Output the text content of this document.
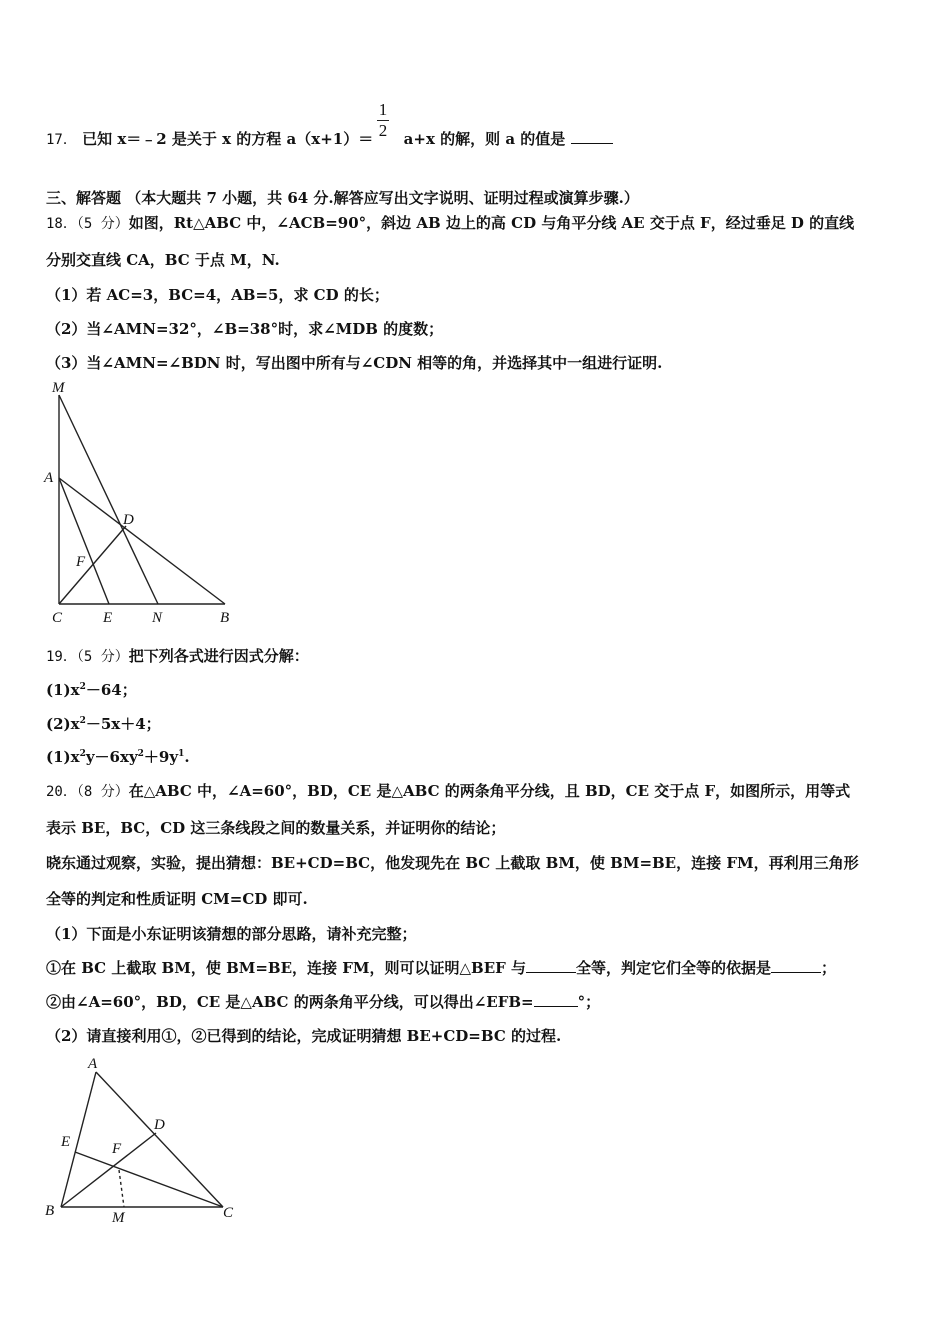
17． 已知 x＝﹣2 是关于 x 的方程 a（x+1）＝ a+x 的解，则 a 的值是
1
2
三、解答题 （本大题共 7 小题，共 64 分.解答应写出文字说明、证明过程或演算步骤.）
18．（5 分）如图，Rt△ABC 中，∠ACB=90°，斜边 AB 边上的高 CD 与角平分线 AE 交于点 F，经过垂足 D 的直线
分别交直线 CA，BC 于点 M，N.
（1）若 AC=3，BC=4，AB=5，求 CD 的长；
（2）当∠AMN=32°，∠B=38°时，求∠MDB 的度数；
（3）当∠AMN=∠BDN 时，写出图中所有与∠CDN 相等的角，并选择其中一组进行证明.
M
A
D
F
C	E	N	B
19．（5 分）把下列各式进行因式分解：
$(1)x^2-64$；
$(2)x^2-5x+4$；
$(1)x^2y-6xy^2+9y^1$.
20．（8 分）在△ABC 中，∠A=60°，BD，CE 是△ABC 的两条角平分线，且 BD，CE 交于点 F，如图所示，用等式
表示 BE，BC，CD 这三条线段之间的数量关系，并证明你的结论；
晓东通过观察，实验，提出猜想：BE+CD=BC，他发现先在 BC 上截取 BM，使 BM=BE，连接 FM，再利用三角形
全等的判定和性质证明 CM=CD 即可.
（1）下面是小东证明该猜想的部分思路，请补充完整；
①在 BC 上截取 BM，使 BM=BE，连接 FM，则可以证明△BEF 与	全等，判定它们全等的依据是	；
②由∠A=60°，BD，CE 是△ABC 的两条角平分线，可以得出∠EFB=	°；
（2）请直接利用①，②已得到的结论，完成证明猜想 BE+CD=BC 的过程.
A
E
D
F
B	M	C
